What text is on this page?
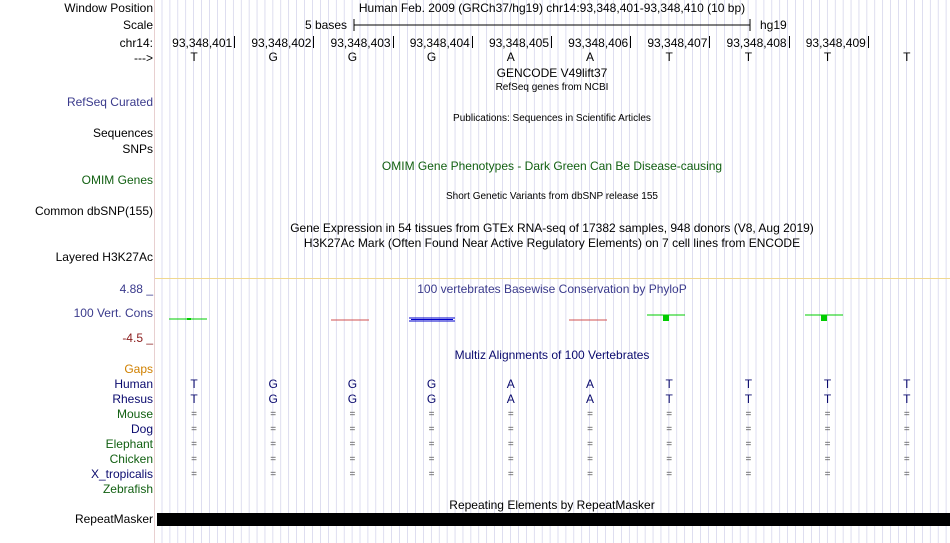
Window Position	Human Feb. 2009 (GRCh37/hg19) chr14:93,348,401-93,348,410 (10 bp)
Scale	5 bases	hg19
chr14: 93,348,401 93,348,402 93,348,403 93,348,404 93,348,405 93,348,406 93,348,407 93,348,408 93,348,409
--->	T	G	G	G	A	A	T	T	T	T
GENCODE V49lift37
RefSeq genes from NCBI
RefSeq Curated
Publications: Sequences in Scientific Articles
Sequences
SNPs
OMIM Gene Phenotypes - Dark Green Can Be Disease-causing
OMIM Genes
Short Genetic Variants from dbSNP release 155
Common dbSNP(155)
Gene Expression in 54 tissues from GTEx RNA-seq of 17382 samples, 948 donors (V8, Aug 2019)
H3K27Ac Mark (Often Found Near Active Regulatory Elements) on 7 cell lines from ENCODE
Layered H3K27Ac
4.88 _	100 vertebrates Basewise Conservation by PhyloP
100 Vert. Cons
-4.5 _
Multiz Alignments of 100 Vertebrates
Gaps
Human	T	G	G	G	A	A	T	T	T	T
Rhesus	T	G	G	G	A	A	T	T	T	T
Mouse	=	=	=	=	=	=	=	=	=	=
Dog	=	=	=	=	=	=	=	=	=	=
Elephant	=	=	=	=	=	=	=	=	=	=
Chicken	=	=	=	=	=	=	=	=	=	=
X_tropicalis	=	=	=	=	=	=	=	=	=	=
Zebrafish
Repeating Elements by RepeatMasker
RepeatMasker
